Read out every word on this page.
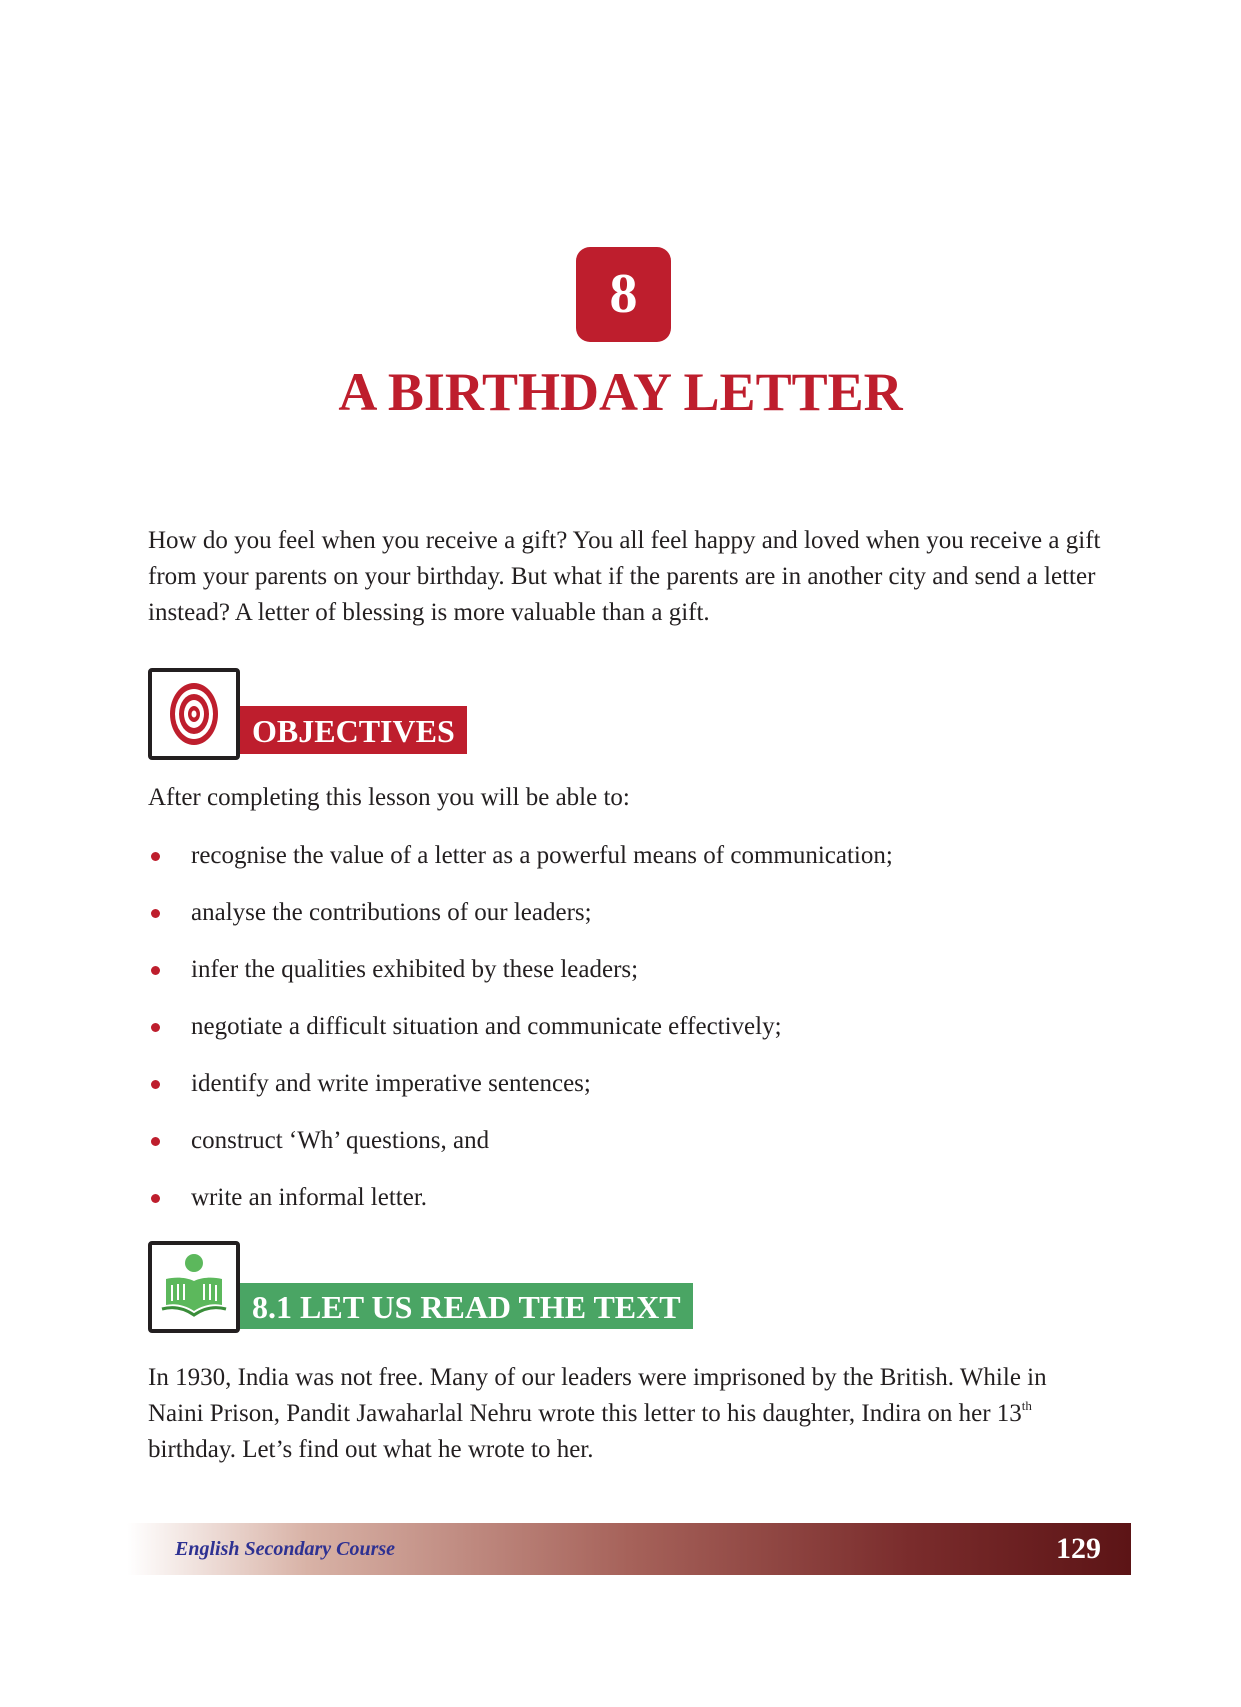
8
A BIRTHDAY LETTER

How do you feel when you receive a gift? You all feel happy and loved when you receive a gift from your parents on your birthday. But what if the parents are in another city and send a letter instead? A letter of blessing is more valuable than a gift.

OBJECTIVES

After completing this lesson you will be able to:

recognise the value of a letter as a powerful means of communication;
analyse the contributions of our leaders;
infer the qualities exhibited by these leaders;
negotiate a difficult situation and communicate effectively;
identify and write imperative sentences;
construct ‘Wh’ questions, and
write an informal letter.
8.1 LET US READ THE TEXT

In 1930, India was not free. Many of our leaders were imprisoned by the British. While in Naini Prison, Pandit Jawaharlal Nehru wrote this letter to his daughter, Indira on her 13th birthday. Let’s find out what he wrote to her.

English Secondary Course	129
